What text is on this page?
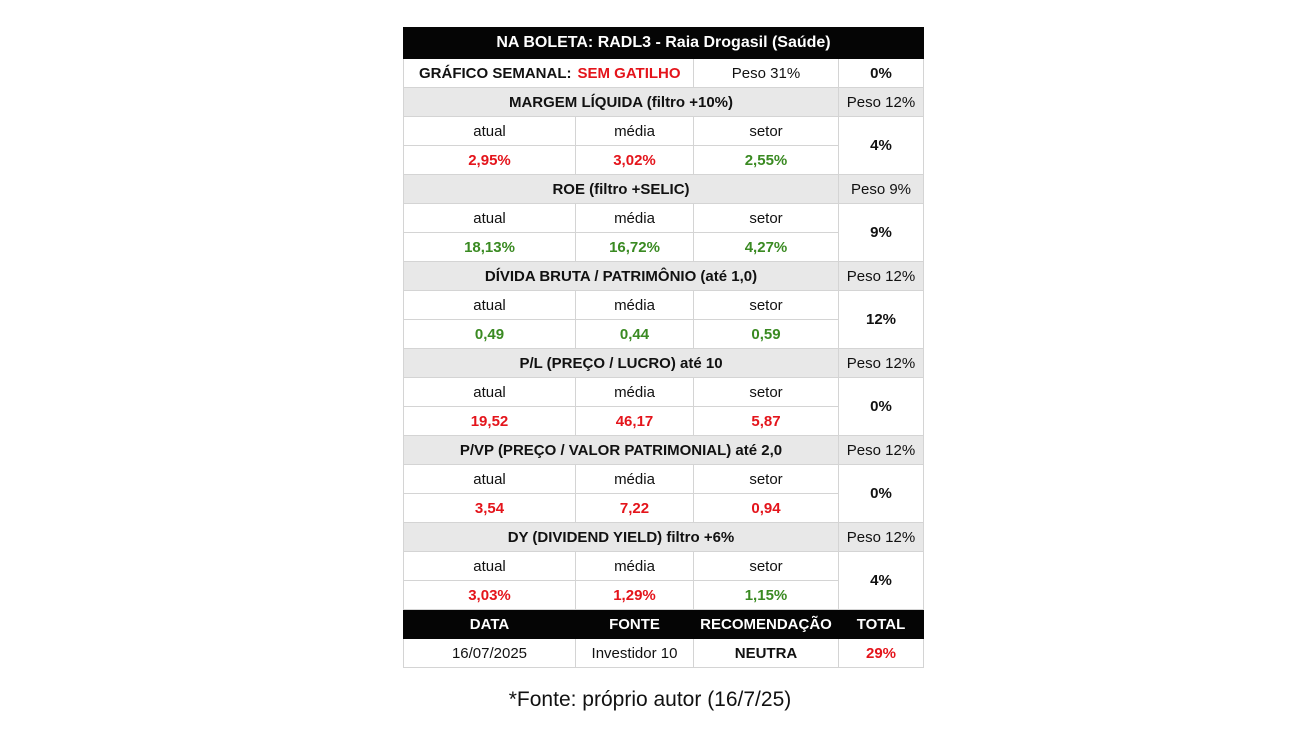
NA BOLETA: RADL3 - Raia Drogasil (Saúde)			
GRÁFICO SEMANAL:	SEM GATILHO	Peso 31%	0%
MARGEM LÍQUIDA (filtro +10%)			Peso 12%
atual	média	setor	4%
2,95%	3,02%	2,55%	
ROE (filtro +SELIC)			Peso 9%
atual	média	setor	9%
18,13%	16,72%	4,27%	
DÍVIDA BRUTA / PATRIMÔNIO (até 1,0)			Peso 12%
atual	média	setor	12%
0,49	0,44	0,59	
P/L (PREÇO / LUCRO) até 10			Peso 12%
atual	média	setor	0%
19,52	46,17	5,87	
P/VP (PREÇO / VALOR PATRIMONIAL) até 2,0			Peso 12%
atual	média	setor	0%
3,54	7,22	0,94	
DY (DIVIDEND YIELD) filtro +6%			Peso 12%
atual	média	setor	4%
3,03%	1,29%	1,15%	
DATA	FONTE	RECOMENDAÇÃO	TOTAL
16/07/2025	Investidor 10	NEUTRA	29%
*Fonte: próprio autor (16/7/25)
